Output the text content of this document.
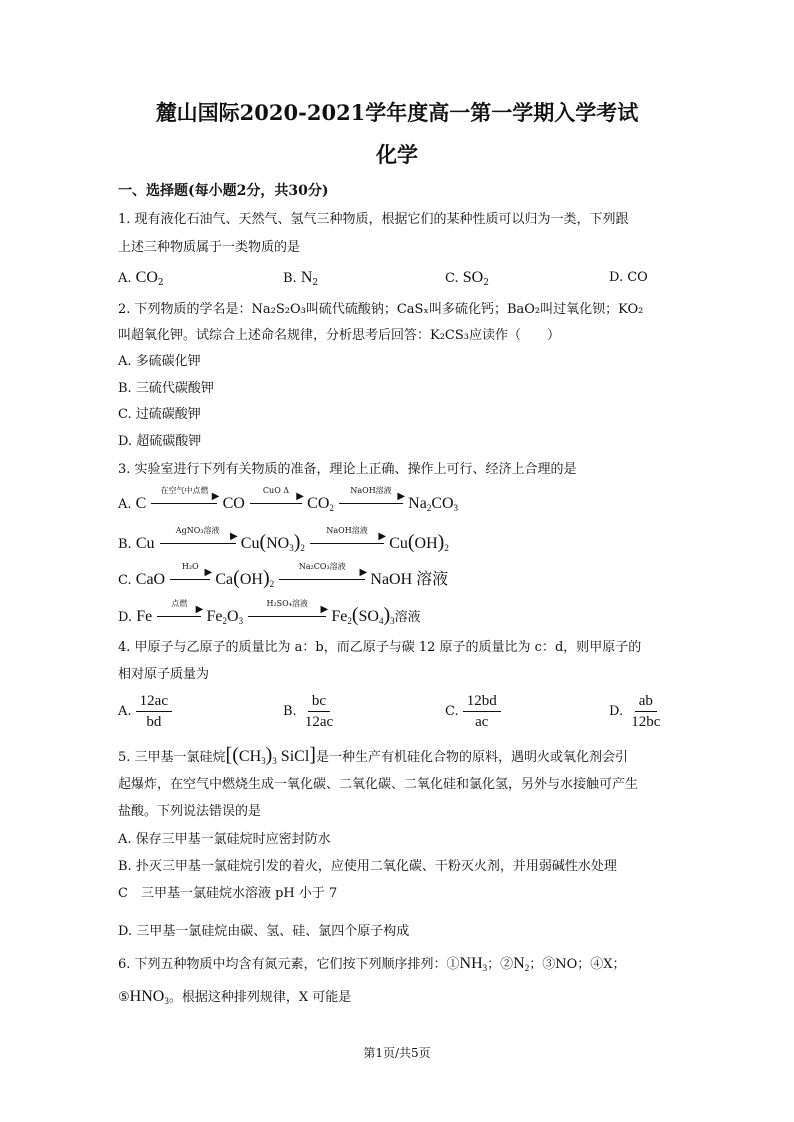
麓山国际2020-2021学年度高一第一学期入学考试
化学
一、选择题(每小题2分，共30分)
1. 现有液化石油气、天然气、氢气三种物质，根据它们的某种性质可以归为一类，下列跟
上述三种物质属于一类物质的是
A. $CO_2$	B. $N_2$	C. $SO_2$	D. CO
2. 下列物质的学名是：Na₂S₂O₃叫硫代硫酸钠；CaSₓ叫多硫化钙；BaO₂叫过氧化钡；KO₂
叫超氧化钾。试综合上述命名规律，分析思考后回答：K₂CS₃应读作（　　）
A. 多硫碳化钾
B. 三硫代碳酸钾
C. 过硫碳酸钾
D. 超硫碳酸钾
3. 实验室进行下列有关物质的准备，理论上正确、操作上可行、经济上合理的是
A. C
在空气中点燃
▶ CO
CuO Δ
▶ $CO_2$
NaOH溶液
▶ $Na_2CO_3$
B. Cu
AgNO₃溶液
▶ $Cu(NO_3)_2$
NaOH溶液
▶ $Cu(OH)_2$
C. CaO
H₂O
▶ $Ca(OH)_2$
Na₂CO₃溶液
▶ NaOH 溶液
D. Fe
点燃
▶ $Fe_2O_3$
H₂SO₄溶液
▶ $Fe_2(SO_4)_3$溶液
4. 甲原子与乙原子的质量比为 a：b，而乙原子与碳 12 原子的质量比为 c：d，则甲原子的
相对原子质量为
A. $\frac{12ac}{bd}$	B. $\frac{bc}{12ac}$	C. $\frac{12bd}{ac}$	D. $\frac{ab}{12bc}$
5. 三甲基一氯硅烷[$(CH_3)_3$ SiCl]是一种生产有机硅化合物的原料，遇明火或氧化剂会引
起爆炸，在空气中燃烧生成一氧化碳、二氧化碳、二氧化硅和氯化氢，另外与水接触可产生
盐酸。下列说法错误的是
A. 保存三甲基一氯硅烷时应密封防水
B. 扑灭三甲基一氯硅烷引发的着火，应使用二氧化碳、干粉灭火剂，并用弱碱性水处理
C　三甲基一氯硅烷水溶液 pH 小于 7
D. 三甲基一氯硅烷由碳、氢、硅、氯四个原子构成
6. 下列五种物质中均含有氮元素，它们按下列顺序排列：$①NH_3$；$②N_2$；③NO；④X；
$⑤HNO_3$。根据这种排列规律，X 可能是
第1页/共5页
